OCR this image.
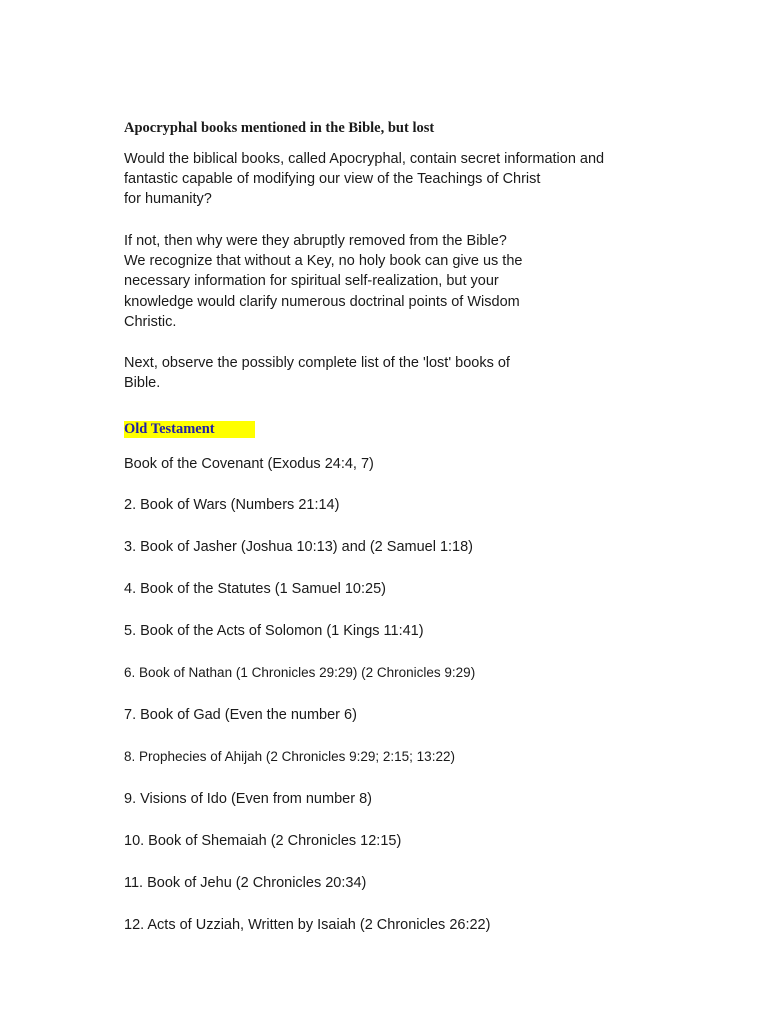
Apocryphal books mentioned in the Bible, but lost
Would the biblical books, called Apocryphal, contain secret information and
fantastic capable of modifying our view of the Teachings of Christ
for humanity?
If not, then why were they abruptly removed from the Bible?
We recognize that without a Key, no holy book can give us the
necessary information for spiritual self-realization, but your
knowledge would clarify numerous doctrinal points of Wisdom
Christic.
Next, observe the possibly complete list of the 'lost' books of
Bible.
Old Testament
Book of the Covenant (Exodus 24:4, 7)
2. Book of Wars (Numbers 21:14)
3. Book of Jasher (Joshua 10:13) and (2 Samuel 1:18)
4. Book of the Statutes (1 Samuel 10:25)
5. Book of the Acts of Solomon (1 Kings 11:41)
6. Book of Nathan (1 Chronicles 29:29) (2 Chronicles 9:29)
7. Book of Gad (Even the number 6)
8. Prophecies of Ahijah (2 Chronicles 9:29; 2:15; 13:22)
9. Visions of Ido (Even from number 8)
10. Book of Shemaiah (2 Chronicles 12:15)
11. Book of Jehu (2 Chronicles 20:34)
12. Acts of Uzziah, Written by Isaiah (2 Chronicles 26:22)
